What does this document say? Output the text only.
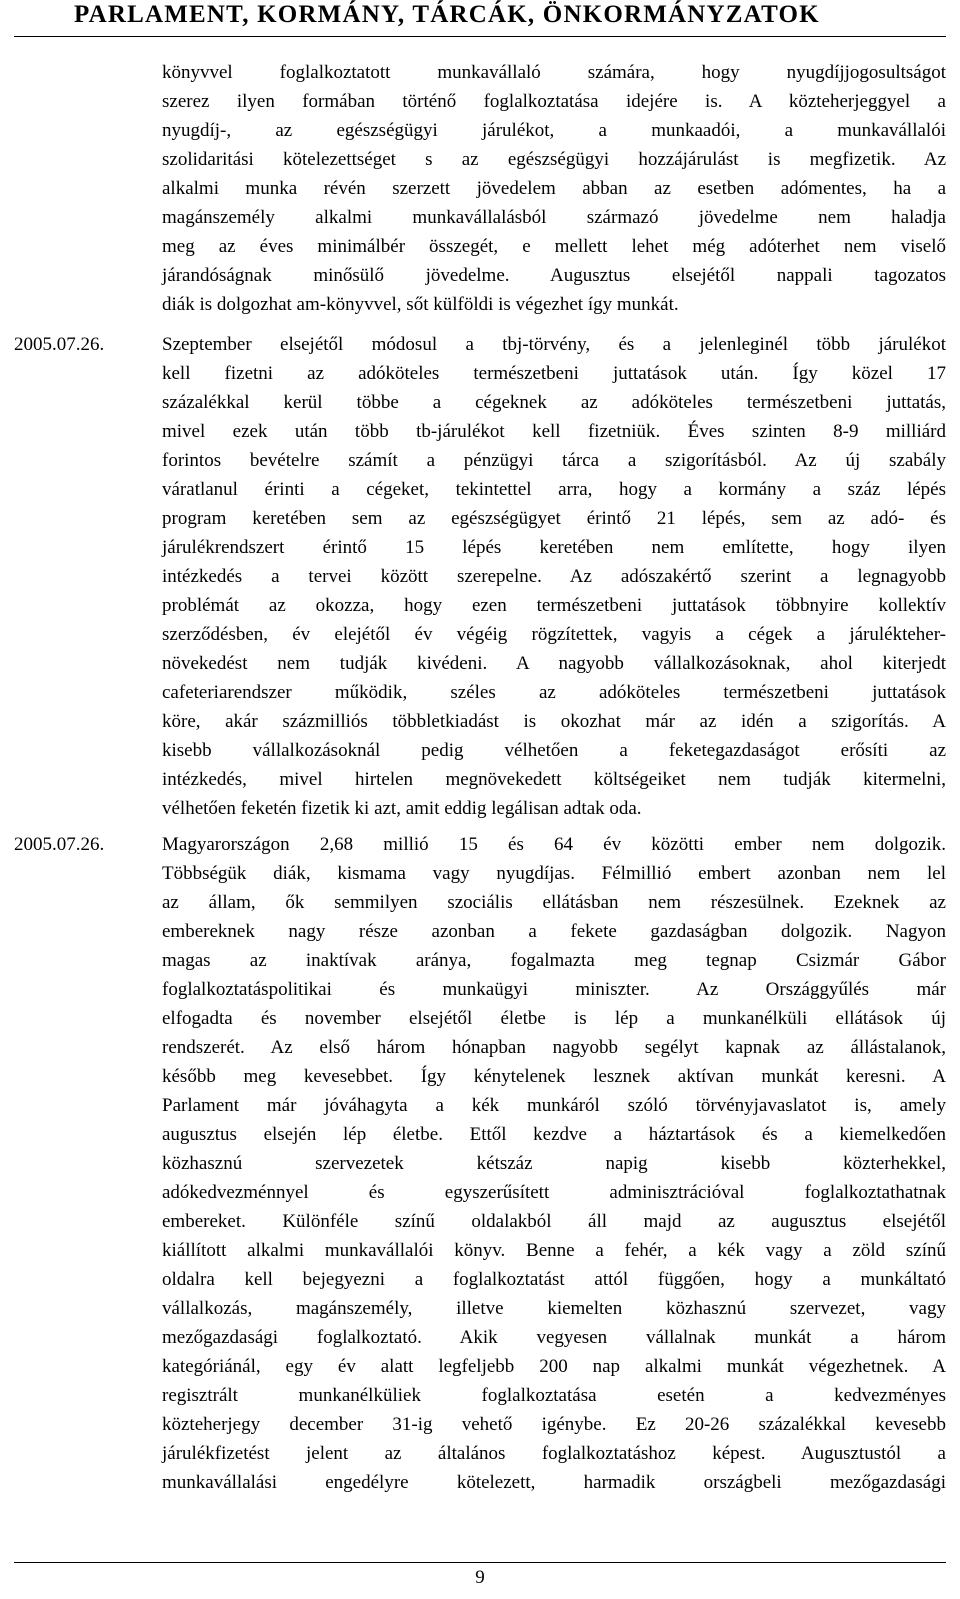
PARLAMENT, KORMÁNY, TÁRCÁK, ÖNKORMÁNYZATOK
könyvvel foglalkoztatott munkavállaló számára, hogy nyugdíjjogosultságot
szerez ilyen formában történő foglalkoztatása idejére is. A közteherjeggyel a
nyugdíj-, az egészségügyi járulékot, a munkaadói, a munkavállalói
szolidaritási kötelezettséget s az egészségügyi hozzájárulást is megfizetik. Az
alkalmi munka révén szerzett jövedelem abban az esetben adómentes, ha a
magánszemély alkalmi munkavállalásból származó jövedelme nem haladja
meg az éves minimálbér összegét, e mellett lehet még adóterhet nem viselő
járandóságnak minősülő jövedelme. Augusztus elsejétől nappali tagozatos
diák is dolgozhat am-könyvvel, sőt külföldi is végezhet így munkát.
2005.07.26.	Szeptember elsejétől módosul a tbj-törvény, és a jelenleginél több járulékot
kell fizetni az adóköteles természetbeni juttatások után. Így közel 17
százalékkal kerül többe a cégeknek az adóköteles természetbeni juttatás,
mivel ezek után több tb-járulékot kell fizetniük. Éves szinten 8-9 milliárd
forintos bevételre számít a pénzügyi tárca a szigorításból. Az új szabály
váratlanul érinti a cégeket, tekintettel arra, hogy a kormány a száz lépés
program keretében sem az egészségügyet érintő 21 lépés, sem az adó- és
járulékrendszert érintő 15 lépés keretében nem említette, hogy ilyen
intézkedés a tervei között szerepelne. Az adószakértő szerint a legnagyobb
problémát az okozza, hogy ezen természetbeni juttatások többnyire kollektív
szerződésben, év elejétől év végéig rögzítettek, vagyis a cégek a járulékteher-
növekedést nem tudják kivédeni. A nagyobb vállalkozásoknak, ahol kiterjedt
cafeteriarendszer működik, széles az adóköteles természetbeni juttatások
köre, akár százmilliós többletkiadást is okozhat már az idén a szigorítás. A
kisebb vállalkozásoknál pedig vélhetően a feketegazdaságot erősíti az
intézkedés, mivel hirtelen megnövekedett költségeiket nem tudják kitermelni,
vélhetően feketén fizetik ki azt, amit eddig legálisan adtak oda.
2005.07.26.	Magyarországon 2,68 millió 15 és 64 év közötti ember nem dolgozik.
Többségük diák, kismama vagy nyugdíjas. Félmillió embert azonban nem lel
az állam, ők semmilyen szociális ellátásban nem részesülnek. Ezeknek az
embereknek nagy része azonban a fekete gazdaságban dolgozik. Nagyon
magas az inaktívak aránya, fogalmazta meg tegnap Csizmár Gábor
foglalkoztatáspolitikai és munkaügyi miniszter. Az Országgyűlés már
elfogadta és november elsejétől életbe is lép a munkanélküli ellátások új
rendszerét. Az első három hónapban nagyobb segélyt kapnak az állástalanok,
később meg kevesebbet. Így kénytelenek lesznek aktívan munkát keresni. A
Parlament már jóváhagyta a kék munkáról szóló törvényjavaslatot is, amely
augusztus elsején lép életbe. Ettől kezdve a háztartások és a kiemelkedően
közhasznú szervezetek kétszáz napig kisebb közterhekkel,
adókedvezménnyel és egyszerűsített adminisztrációval foglalkoztathatnak
embereket. Különféle színű oldalakból áll majd az augusztus elsejétől
kiállított alkalmi munkavállalói könyv. Benne a fehér, a kék vagy a zöld színű
oldalra kell bejegyezni a foglalkoztatást attól függően, hogy a munkáltató
vállalkozás, magánszemély, illetve kiemelten közhasznú szervezet, vagy
mezőgazdasági foglalkoztató. Akik vegyesen vállalnak munkát a három
kategóriánál, egy év alatt legfeljebb 200 nap alkalmi munkát végezhetnek. A
regisztrált munkanélküliek foglalkoztatása esetén a kedvezményes
közteherjegy december 31-ig vehető igénybe. Ez 20-26 százalékkal kevesebb
járulékfizetést jelent az általános foglalkoztatáshoz képest. Augusztustól a
munkavállalási engedélyre kötelezett, harmadik országbeli mezőgazdasági
9
